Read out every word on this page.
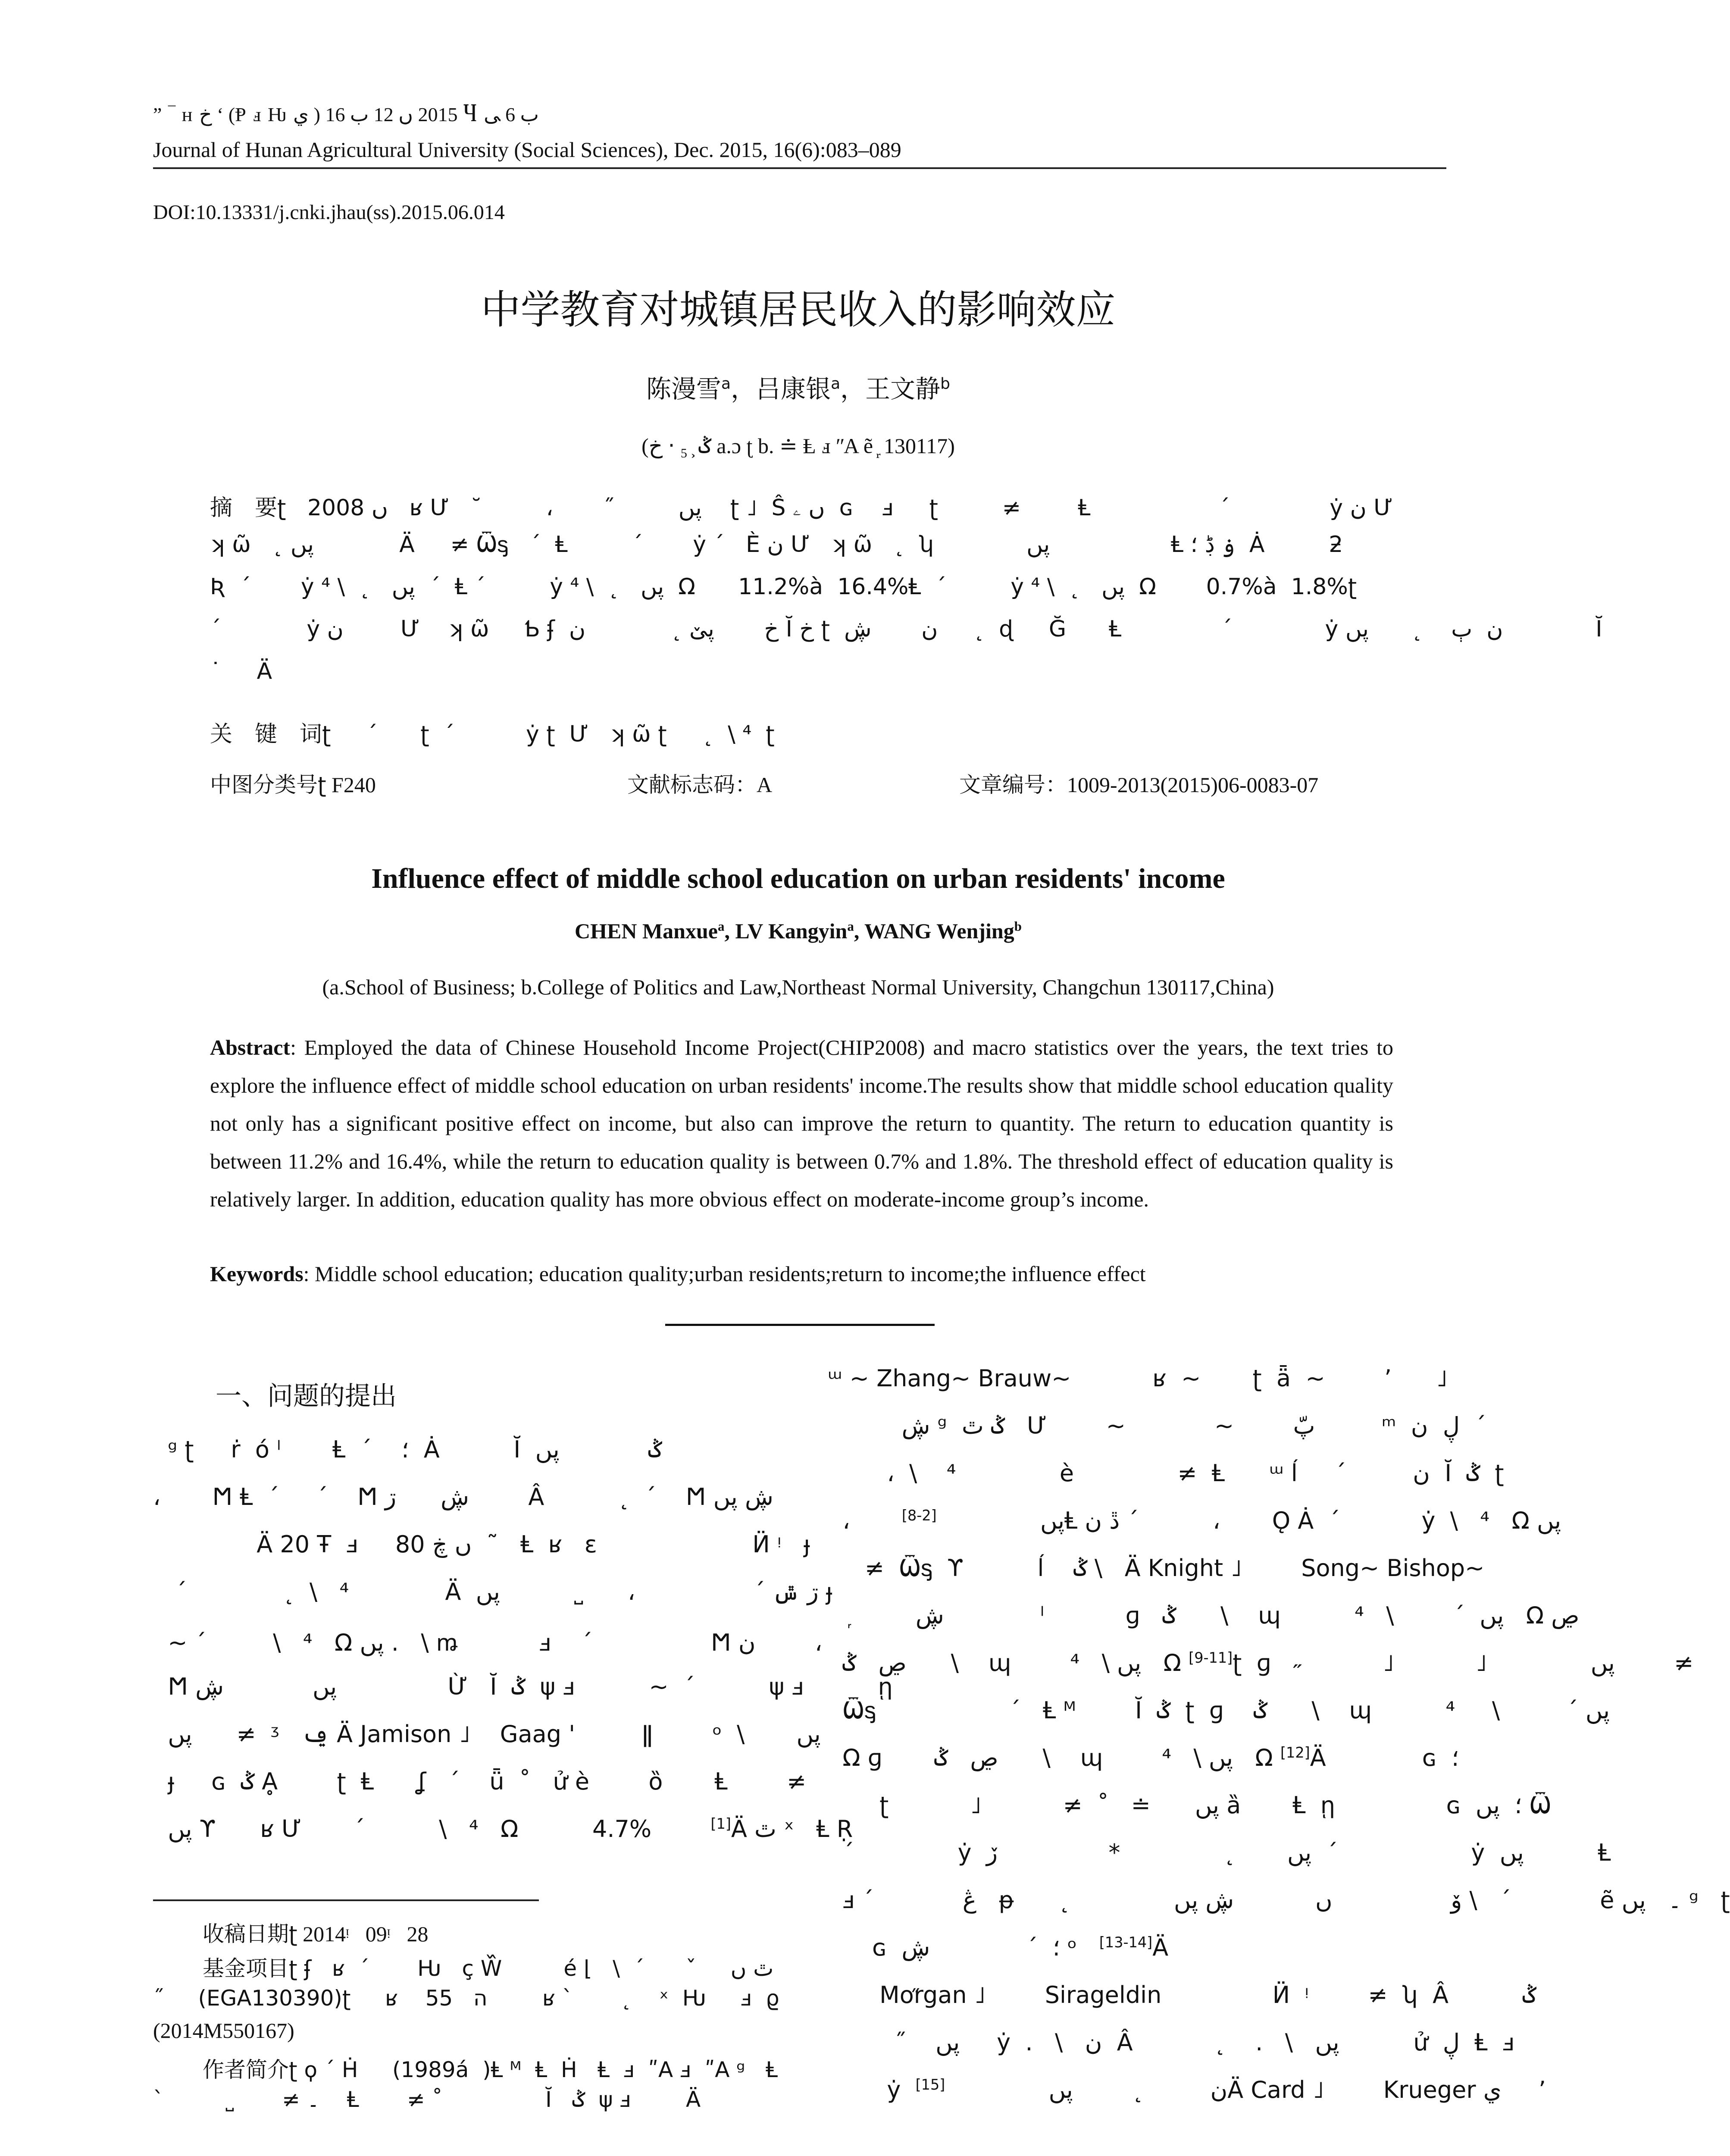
” ‾ ʜ خ ‘ (Ᵽ ⅎ Ƕ ي ) 2015 ں 12 ب 16 Ⴗ ب 6 ﯽ
Journal of Hunan Agricultural University (Social Sciences), Dec. 2015, 16(6):083–089
DOI:10.13331/j.cnki.jhau(ss).2015.06.014
中学教育对城镇居民收入的影响效应
陈漫雪$^a$，吕康银$^a$，王文静$^b$
(ݣ ͕ ₅ ‧ خ a.ɔ ʈ b. ≐ Ⱡ ⅎ ʺA ẽ ᷊ 130117)
摘　要ʈ   2008 ں   ʁ Ư   ˘         ،       ˝         پں    ʈ ˩  Ŝ ں ۦ  ɢ    ⅎ     ʈ         ≠        Ⱡ                  ˊ              ẏ ن Ư
ʞ ῶ   ˛ پں            Ä     ≠ Ѿᶊ   ˊ  Ⱡ         ˊ       ẏ ˊ   È ن Ư   ʞ ῶ   ˛  ʮ             پں                 Ⱡ ۏ ڋ ؛  Ȧ         ƻ
Ʀ  ˊ       ẏ پں   ˛  \ ⁴  ˊ  Ⱡ ˊ         ẏ پں   ˛  \ ⁴  Ω      11.2%à  16.4%Ⱡ  ˊ         ẏ پں   ˛  \ ⁴  Ω       0.7%à  1.8%ʈ
ˊ            ẏ ن        Ư    ʞ ῶ     Ƅ ʄ  خ       پێ ˛            ن Ĭ خ ʈ  ن       ڜ     ˛  ɖ     Ğ      Ⱡ              ˊ             ẏ ن  ٻ    ˛      پں             Ĭ
˙     Ä
关　键　词ʈ     ˊ      ʈ  ˊ          ẏ ʈ  Ư   ʞ ῶ ʈ     ˛  \ ⁴  ʈ
中图分类号ʈ F240	文献标志码：A	文章编号：1009-2013(2015)06-0083-07
Influence effect of middle school education on urban residents' income
CHEN Manxue$^a$, LV Kangyin$^a$, WANG Wenjing$^b$
(a.School of Business; b.College of Politics and Law,Northeast Normal University, Changchun 130117,China)
Abstract: Employed the data of Chinese Household Income Project(CHIP2008) and macro statistics over the years, the text tries to explore the influence effect of middle school education on urban residents' income.The results show that middle school education quality not only has a significant positive effect on income, but also can improve the return to quantity. The return to education quantity is between 11.2% and 16.4%, while the return to education quality is between 0.7% and 1.8%. The threshold effect of education quality is relatively larger. In addition, education quality has more obvious effect on moderate-income group’s income.
Keywords: Middle school education; education quality;urban residents;return to income;the influence effect
一、问题的提出
ᵍ ʈ     ṙ  ó ˡ       Ⱡ  ˊ    ؛  Ȧ          Ĭ  ݣ            پں
،       Ϻ Ⱡ  ˊ     ˊ    Ϻ ڜ      ڗ        Â          ˛  ˊ    Ϻ ڜ پں
Ä 20 Ŧ  ⅎ     80 ں ڿ  ˜   Ⱡ  ʁ   ɛ                     Ӥ ᵎ   ɟ
ˊ             ˛  \   ⁴             Ä  ڗ ݜ ˊ                ،      ˽          پں ɟ
~ ˊ         \   ⁴   Ω پں .   \ ꬺ           ⅎ    ˊ                Ϻ ن        ،
Ϻ پں            ڜ               Ừ   Ĭ  ݣ  ψ ⅎ          ~  ˊ          ψ ⅎ          ῃ
پں      ≠  ᶾ   ݠ Ä Jamison ˩    Gaag '         ǁ        ᵒ  \       پں
ɟ     ɢ  ݣ Ḁ        ʈ  Ⱡ      ʆ   ˊ    ǖ  ˚   ử è        ȍ       Ⱡ        ≠
پں ϒ      ʁ Ư       ˊ          \   ⁴   Ω          4.7%        [1]Ä ٿ ˣ   Ⱡ Ṛ
收稿日期ʈ 2014ᵎ   09ᵎ   28
基金项目ʈ ʄ   ʁ  ˊ       Ƕ   ç W᷈         é ⌊   \  ˊ      ˇ     ٿ ں
˝     (EGA130390)ʈ     ʁ    55   ה        ʁ ˋ       ˛    ˣ  Ƕ     ⅎ  ϱ                   ˝
(2014M550167)
作者简介ʈ ϙ ˊ Ḣ     (1989á  )Ⱡ ᴹ  Ⱡ  Ḣ   Ⱡ  ⅎ  ʺA ⅎ  ʺA ᵍ   Ⱡ
ˋ         ˽       ≠ ۔    Ⱡ       ≠ ˚               Ĭ   ݣ  ψ ⅎ        Ä
ᵚ ~ Zhang~ Brauw~           ʁ  ~       ʈ  ǟ  ~        ’      ˩
ڜ ᵍ  ݣ ٿ   Ư        ~            ~        پّ         ᵐ  ڸ  ن  ˊ
،  \    ⁴              è              ≠  Ⱡ      ᵚ ĺ     ˊ         ن  Ĭ  ݣ  ʈ
،       پں              [2-8]	Ⱡ ڐ ن ˊ          ،       Ǫ Ȧ  ˊ           ẏ  \   ⁴   Ω پں
≠  Ѿᶊ  ϒ          ĺ    ݣ \   Ä Knight ˩        Song~ Bishop~
᷊        ڜ             ˡ           ɡ   ݣ      \    ɰ          پں  ˊ        \   ⁴   Ω ڝ
ڝ   ݣ      \    ɰ        پں \   ⁴   Ω [9-11]ʈ  ɡ   ˶           ˩           ˩              پں        ≠
Ѿᶊ                  ˊ   Ⱡ ᴹ        Ĭ  ݣ  ʈ  ɡ    ݣ      \    ɰ          پں ˊ         \     ⁴
Ω ɡ       ڝ   ݣ      \    ɰ        پں \   ⁴   Ω [12]Ä             ɢ  ؛
ʈ           ˩           ≠  ˚   ≐      پں ȁ       Ⱡ  ῃ               ɢ  ؛  پں Ѿ
ˊ              ẏ  پں       ˛              *               ڒ  ˊ                  ẏ  پں          Ⱡ
ⅎ ˊ            ڠ   ᵽ      ˛              ۆ                ں           ڜ پں \   ˊ            ẽ ۔   پں ᵍ   ʈ
ɢ  ؛  ˊ             ڜ ᵒ   [13-14]Ä
Morgan ˩        Sirageldin               Ӥ  ᵎ        ≠  ʮ  Â          ݣ
˝    پں     ẏ  .   \   ن  Â           ˛    .   \   پں          ử  ڸ  Ⱡ  ⅎ
ẏ  ن         ˛        پں              [15]	Ä Card ˩        Krueger ي     ’
